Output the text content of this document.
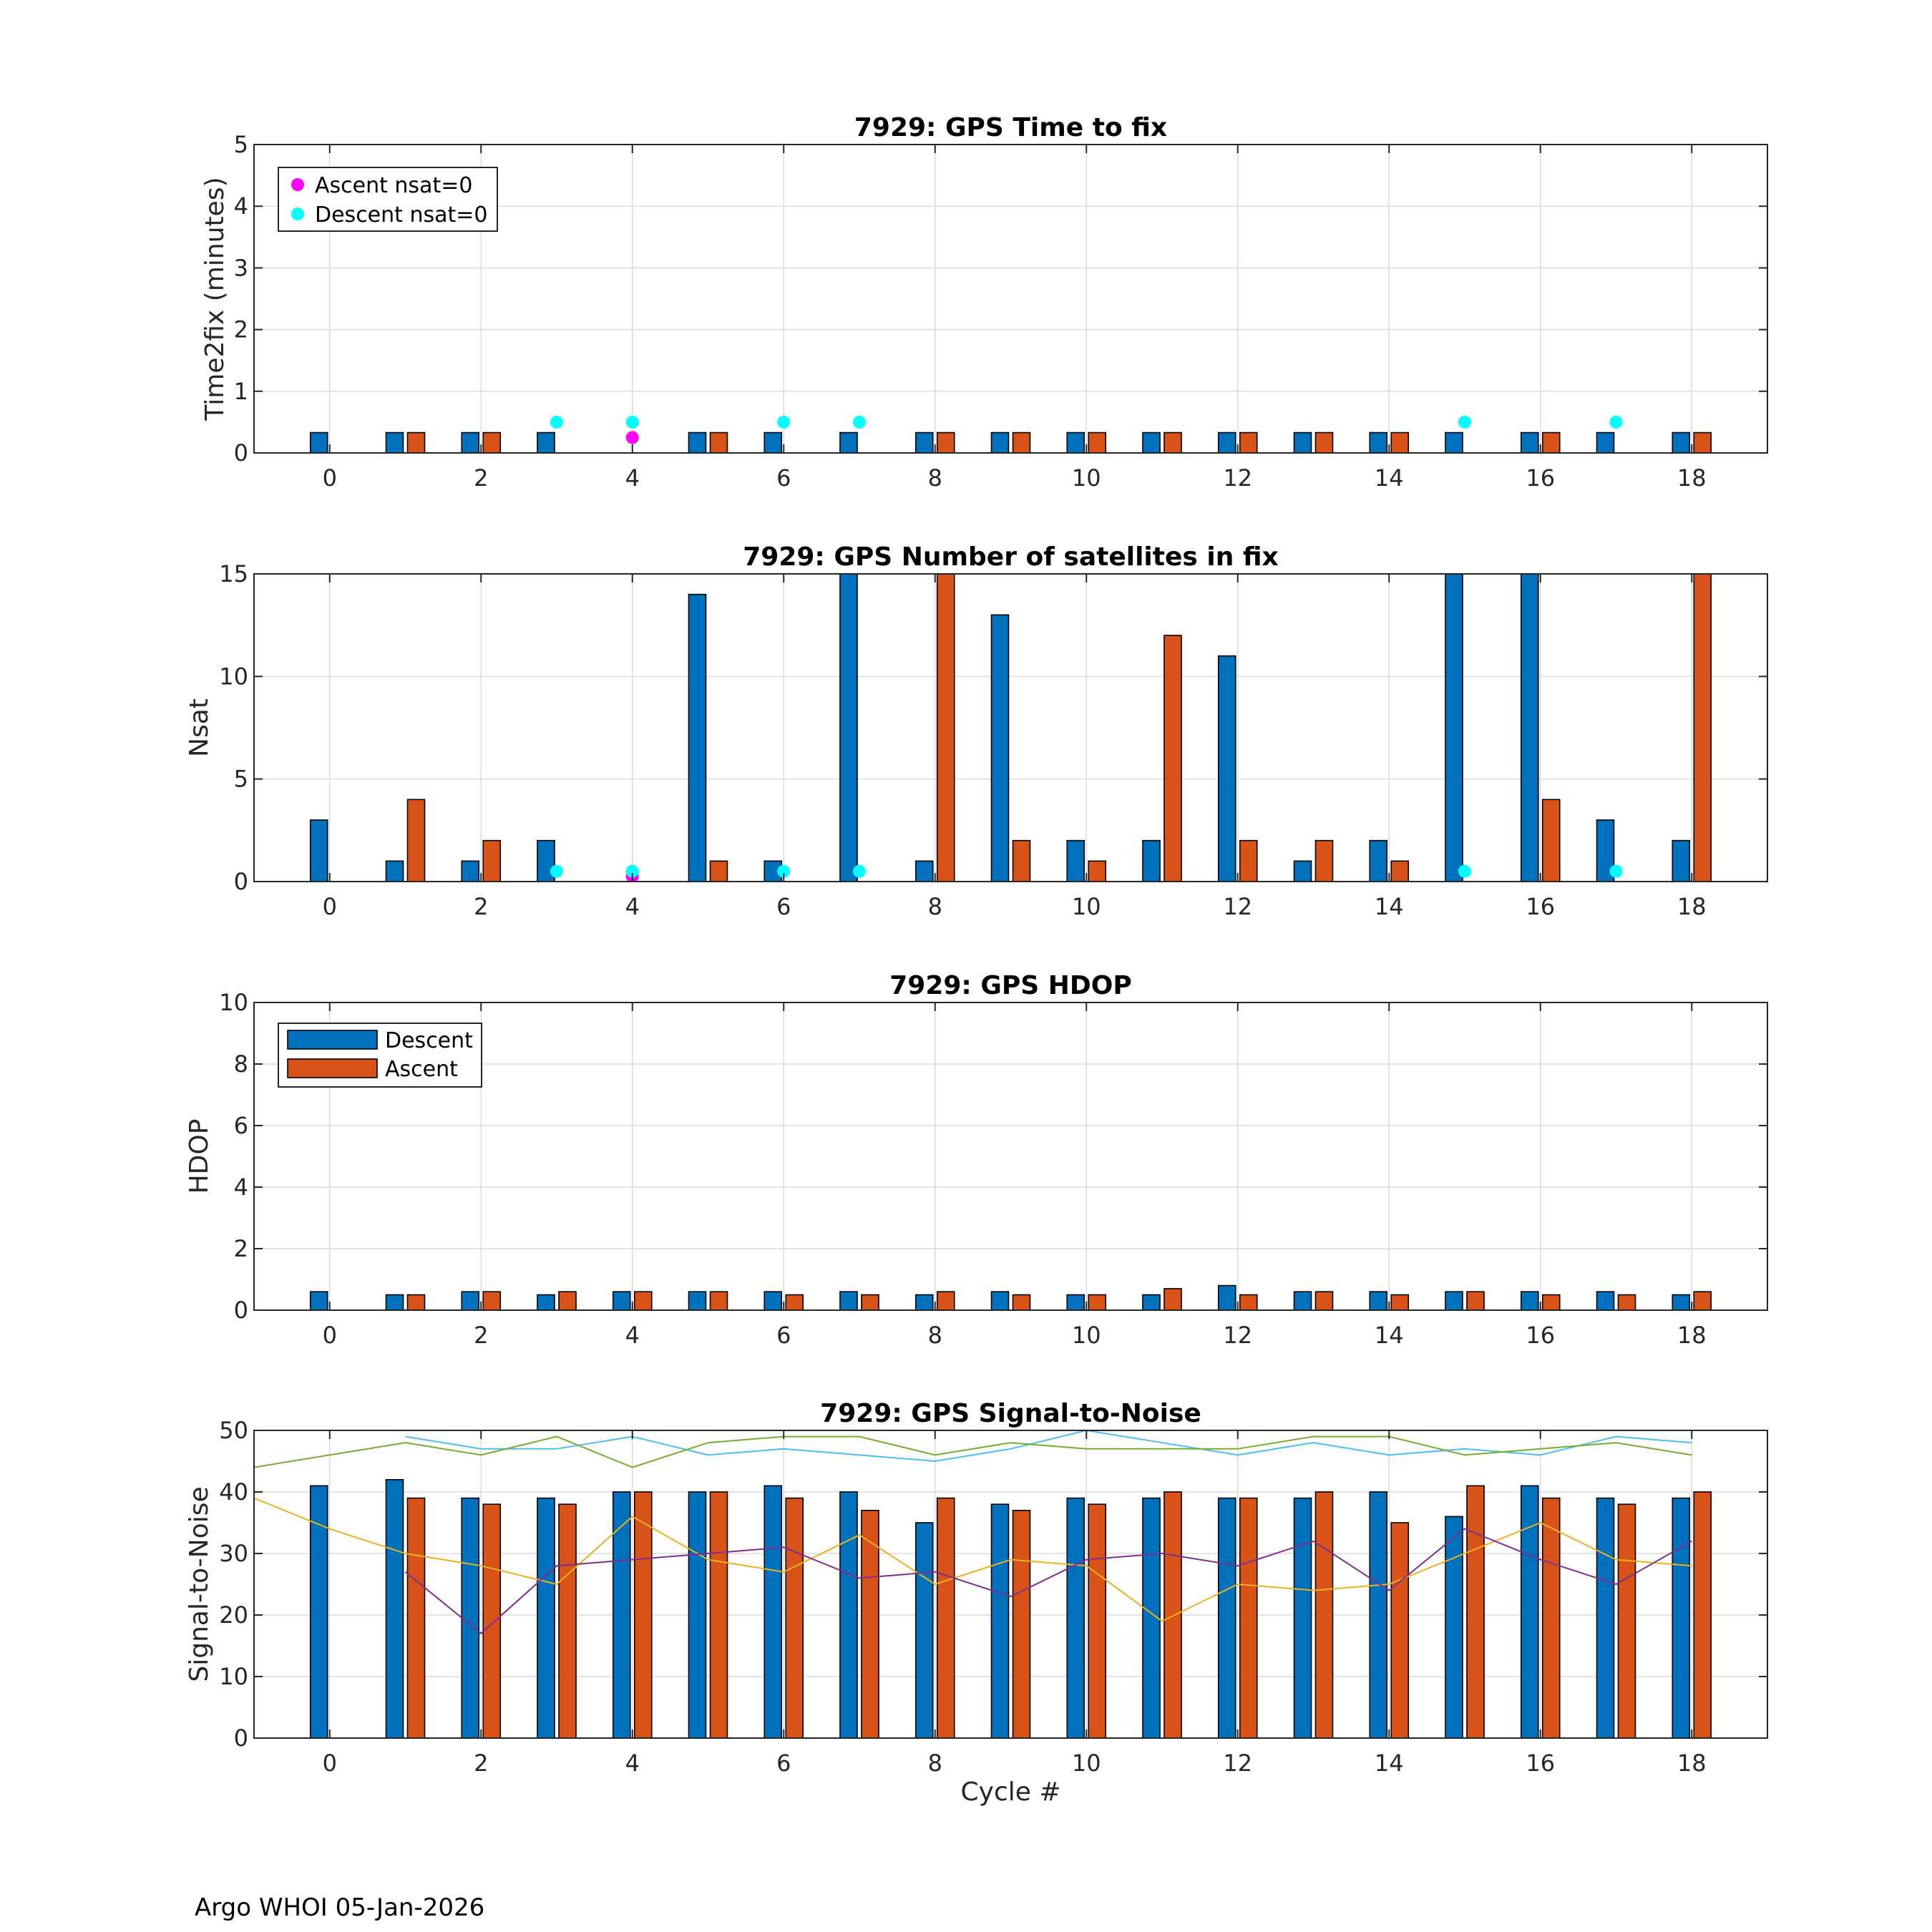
0	2	4	6	8	10	12	14	16	18
0
1
2
3
4
5
7929: GPS Time to fix
Time2fix (minutes)	Ascent nsat=0
Descent nsat=0
0	2	4	6	8	10	12	14	16	18
0
5
10
15
7929: GPS Number of satellites in fix
Nsat
0	2	4	6	8	10	12	14	16	18
0
2
4
6
8
10
7929: GPS HDOP
HDOP
Descent
Ascent
0	2	4	6	8	10	12	14	16	18
0
10
20
30
40
50
7929: GPS Signal-to-Noise
Signal-to-Noise
Cycle #
Argo WHOI 05-Jan-2026
